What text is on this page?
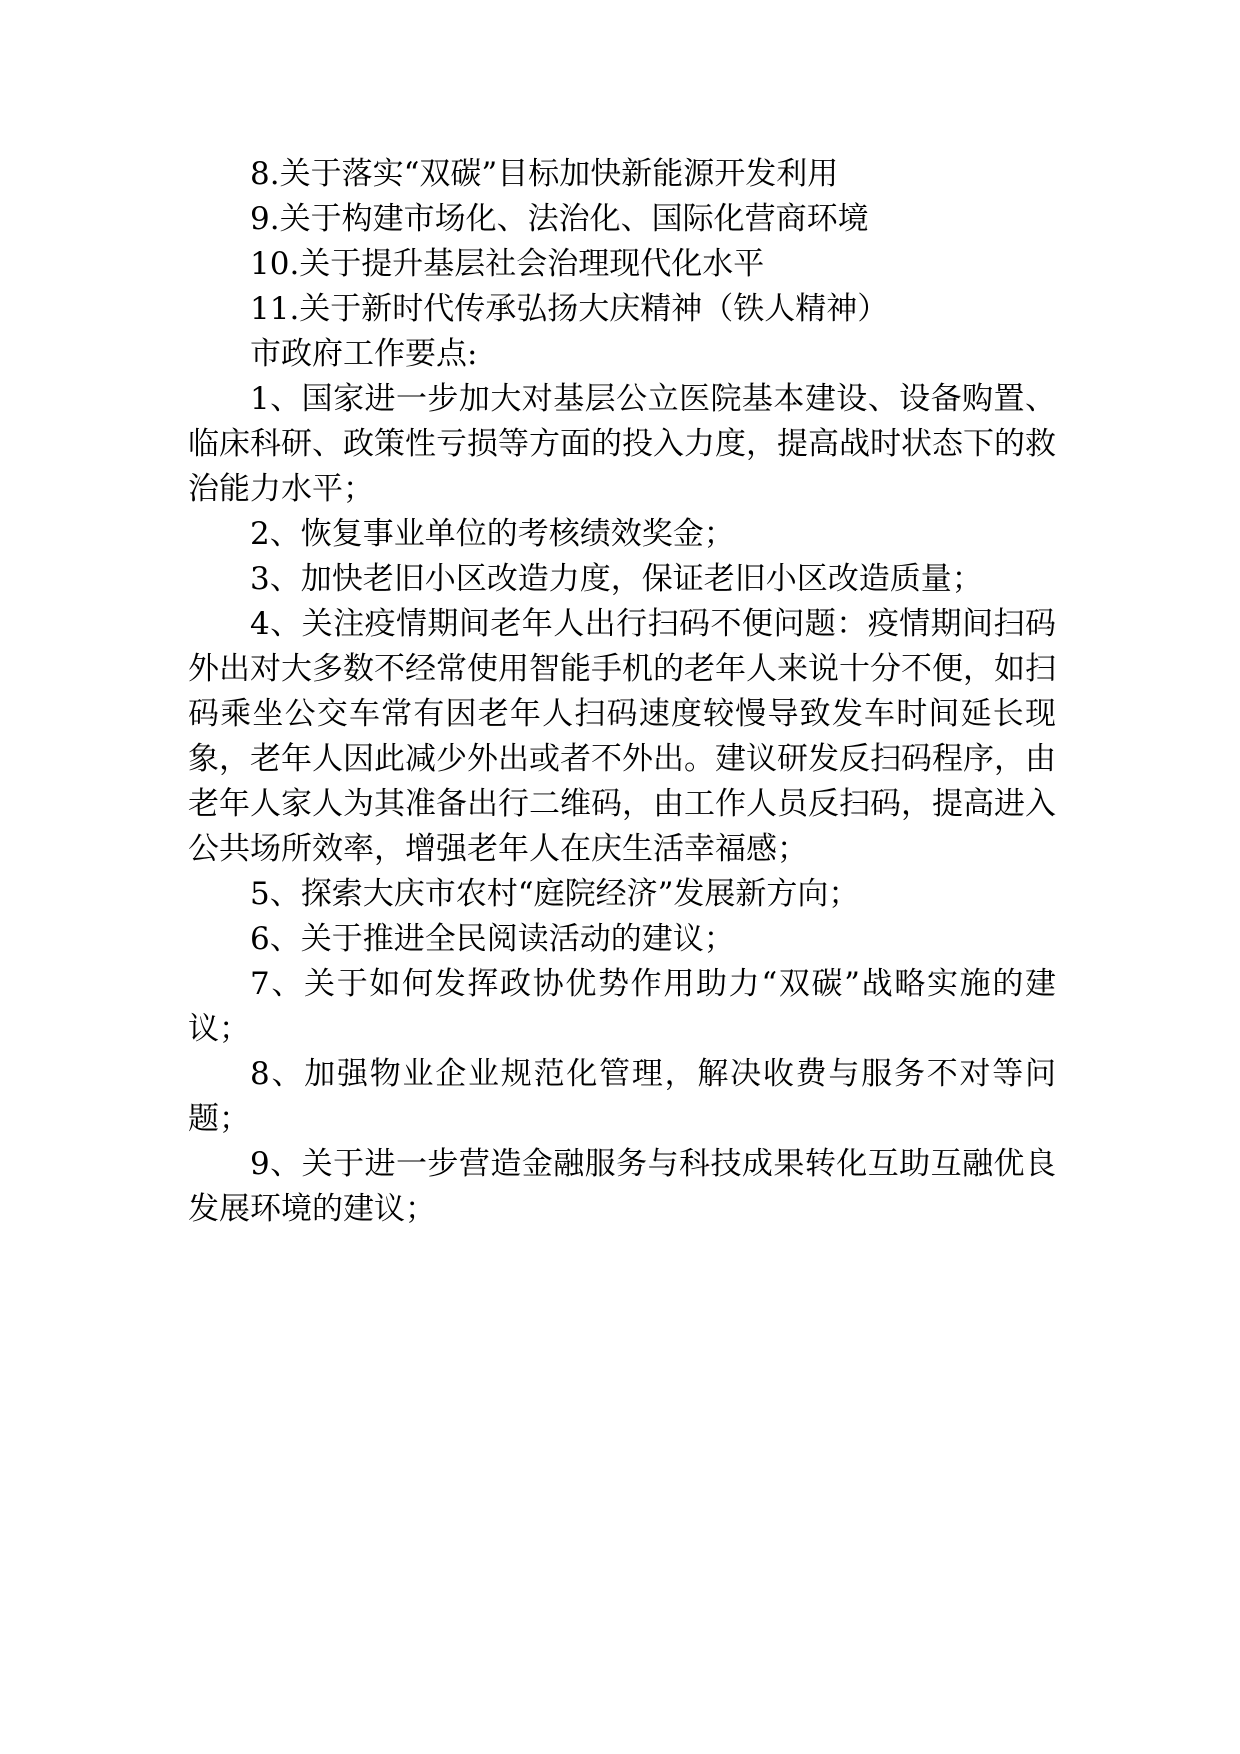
8.关于落实“双碳”目标加快新能源开发利用

9.关于构建市场化、法治化、国际化营商环境

10.关于提升基层社会治理现代化水平

11.关于新时代传承弘扬大庆精神（铁人精神）

市政府工作要点:

1、国家进一步加大对基层公立医院基本建设、设备购置、临床科研、政策性亏损等方面的投入力度，提高战时状态下的救治能力水平；

2、恢复事业单位的考核绩效奖金；

3、加快老旧小区改造力度，保证老旧小区改造质量；

4、关注疫情期间老年人出行扫码不便问题：疫情期间扫码外出对大多数不经常使用智能手机的老年人来说十分不便，如扫码乘坐公交车常有因老年人扫码速度较慢导致发车时间延长现象，老年人因此减少外出或者不外出。建议研发反扫码程序，由老年人家人为其准备出行二维码，由工作人员反扫码，提高进入公共场所效率，增强老年人在庆生活幸福感；

5、探索大庆市农村“庭院经济”发展新方向；

6、关于推进全民阅读活动的建议；

7、关于如何发挥政协优势作用助力“双碳”战略实施的建议；

8、加强物业企业规范化管理，解决收费与服务不对等问题；

9、关于进一步营造金融服务与科技成果转化互助互融优良发展环境的建议；
